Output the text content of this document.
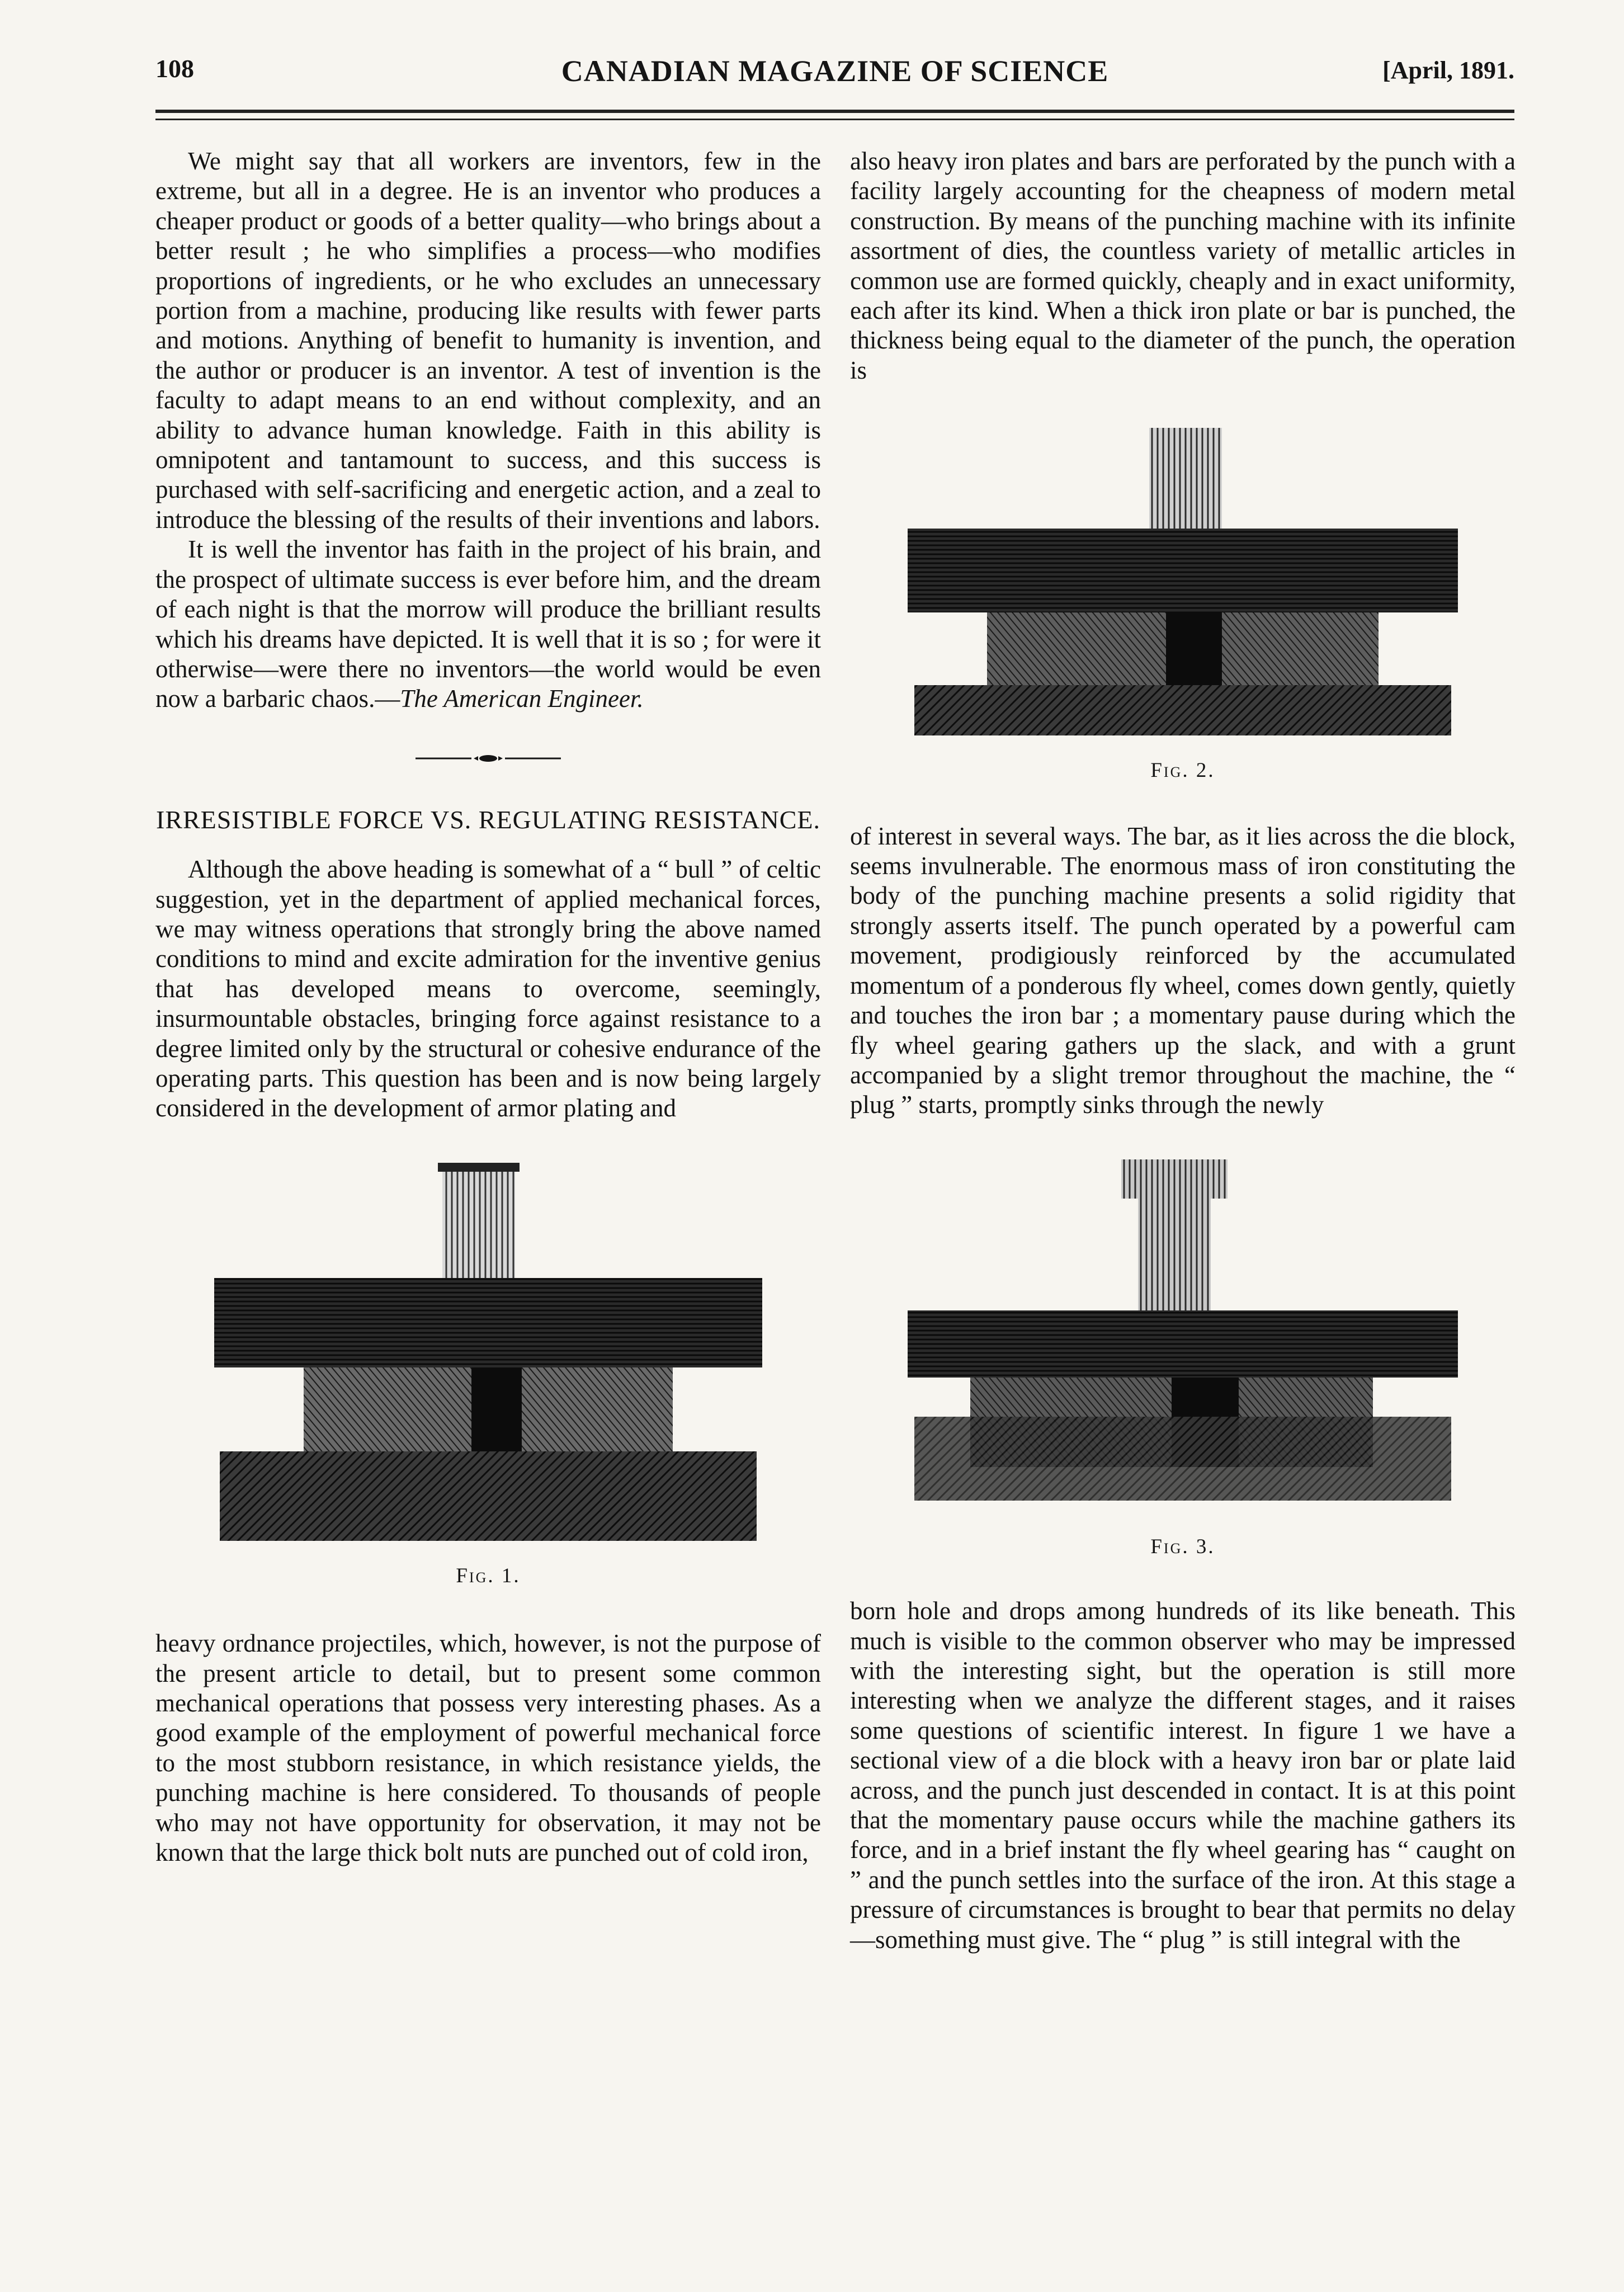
108	CANADIAN MAGAZINE OF SCIENCE	[April, 1891.

We might say that all workers are inventors, few in the extreme, but all in a degree. He is an inventor who produces a cheaper product or goods of a better quality—who brings about a better result ; he who simplifies a process—who modifies proportions of ingredients, or he who excludes an unnecessary portion from a machine, producing like results with fewer parts and motions. Anything of benefit to humanity is invention, and the author or producer is an inventor. A test of invention is the faculty to adapt means to an end without complexity, and an ability to advance human knowledge. Faith in this ability is omnipotent and tantamount to success, and this success is purchased with self-sacrificing and energetic action, and a zeal to introduce the blessing of the results of their inventions and labors.

It is well the inventor has faith in the project of his brain, and the prospect of ultimate success is ever before him, and the dream of each night is that the morrow will produce the brilliant results which his dreams have depicted. It is well that it is so ; for were it otherwise—were there no inventors—the world would be even now a barbaric chaos.—The American Engineer.

IRRESISTIBLE FORCE VS. REGULATING RESISTANCE.

Although the above heading is somewhat of a “ bull ” of celtic suggestion, yet in the department of applied mechanical forces, we may witness operations that strongly bring the above named conditions to mind and excite admiration for the inventive genius that has developed means to overcome, seemingly, insurmountable obstacles, bringing force against resistance to a degree limited only by the structural or cohesive endurance of the operating parts. This question has been and is now being largely considered in the development of armor plating and

Fig. 1.

heavy ordnance projectiles, which, however, is not the purpose of the present article to detail, but to present some common mechanical operations that possess very interesting phases. As a good example of the employment of powerful mechanical force to the most stubborn resistance, in which resistance yields, the punching machine is here considered. To thousands of people who may not have opportunity for observation, it may not be known that the large thick bolt nuts are punched out of cold iron,

also heavy iron plates and bars are perforated by the punch with a facility largely accounting for the cheapness of modern metal construction. By means of the punching machine with its infinite assortment of dies, the countless variety of metallic articles in common use are formed quickly, cheaply and in exact uniformity, each after its kind. When a thick iron plate or bar is punched, the thickness being equal to the diameter of the punch, the operation is

Fig. 2.

of interest in several ways. The bar, as it lies across the die block, seems invulnerable. The enormous mass of iron constituting the body of the punching machine presents a solid rigidity that strongly asserts itself. The punch operated by a powerful cam movement, prodigiously reinforced by the accumulated momentum of a ponderous fly wheel, comes down gently, quietly and touches the iron bar ; a momentary pause during which the fly wheel gearing gathers up the slack, and with a grunt accompanied by a slight tremor throughout the machine, the “ plug ” starts, promptly sinks through the newly

Fig. 3.

born hole and drops among hundreds of its like beneath. This much is visible to the common observer who may be impressed with the interesting sight, but the operation is still more interesting when we analyze the different stages, and it raises some questions of scientific interest. In figure 1 we have a sectional view of a die block with a heavy iron bar or plate laid across, and the punch just descended in contact. It is at this point that the momentary pause occurs while the machine gathers its force, and in a brief instant the fly wheel gearing has “ caught on ” and the punch settles into the surface of the iron. At this stage a pressure of circumstances is brought to bear that permits no delay—something must give. The “ plug ” is still integral with the
